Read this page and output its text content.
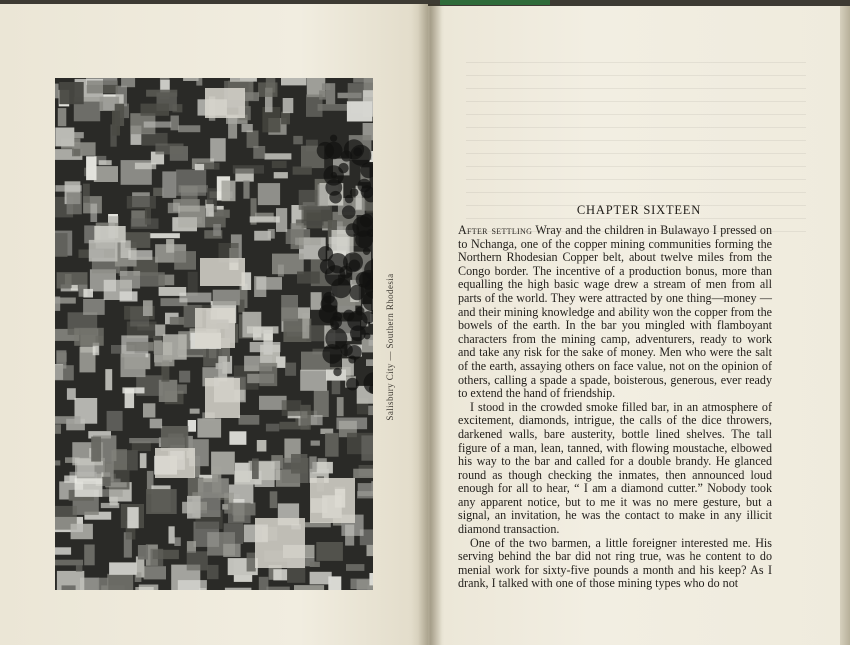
Salisbury City — Southern Rhodesia
CHAPTER SIXTEEN

After settling Wray and the children in Bulawayo I pressed on to Nchanga, one of the copper mining communities forming the Northern Rhodesian Copper belt, about twelve miles from the Congo border. The incentive of a production bonus, more than equalling the high basic wage drew a stream of men from all parts of the world. They were attracted by one thing—money —and their mining knowledge and ability won the copper from the bowels of the earth. In the bar you mingled with flamboyant characters from the mining camp, adventurers, ready to work and take any risk for the sake of money. Men who were the salt of the earth, assaying others on face value, not on the opinion of others, calling a spade a spade, boisterous, generous, ever ready to extend the hand of friendship.

I stood in the crowded smoke filled bar, in an atmosphere of excitement, diamonds, intrigue, the calls of the dice throwers, darkened walls, bare austerity, bottle lined shelves. The tall figure of a man, lean, tanned, with flowing moustache, elbowed his way to the bar and called for a double brandy. He glanced round as though checking the inmates, then announced loud enough for all to hear, “ I am a diamond cutter.” Nobody took any apparent notice, but to me it was no mere gesture, but a signal, an invitation, he was the contact to make in any illicit diamond transaction.

One of the two barmen, a little foreigner interested me. His serving behind the bar did not ring true, was he content to do menial work for sixty-five pounds a month and his keep? As I drank, I talked with one of those mining types who do not
